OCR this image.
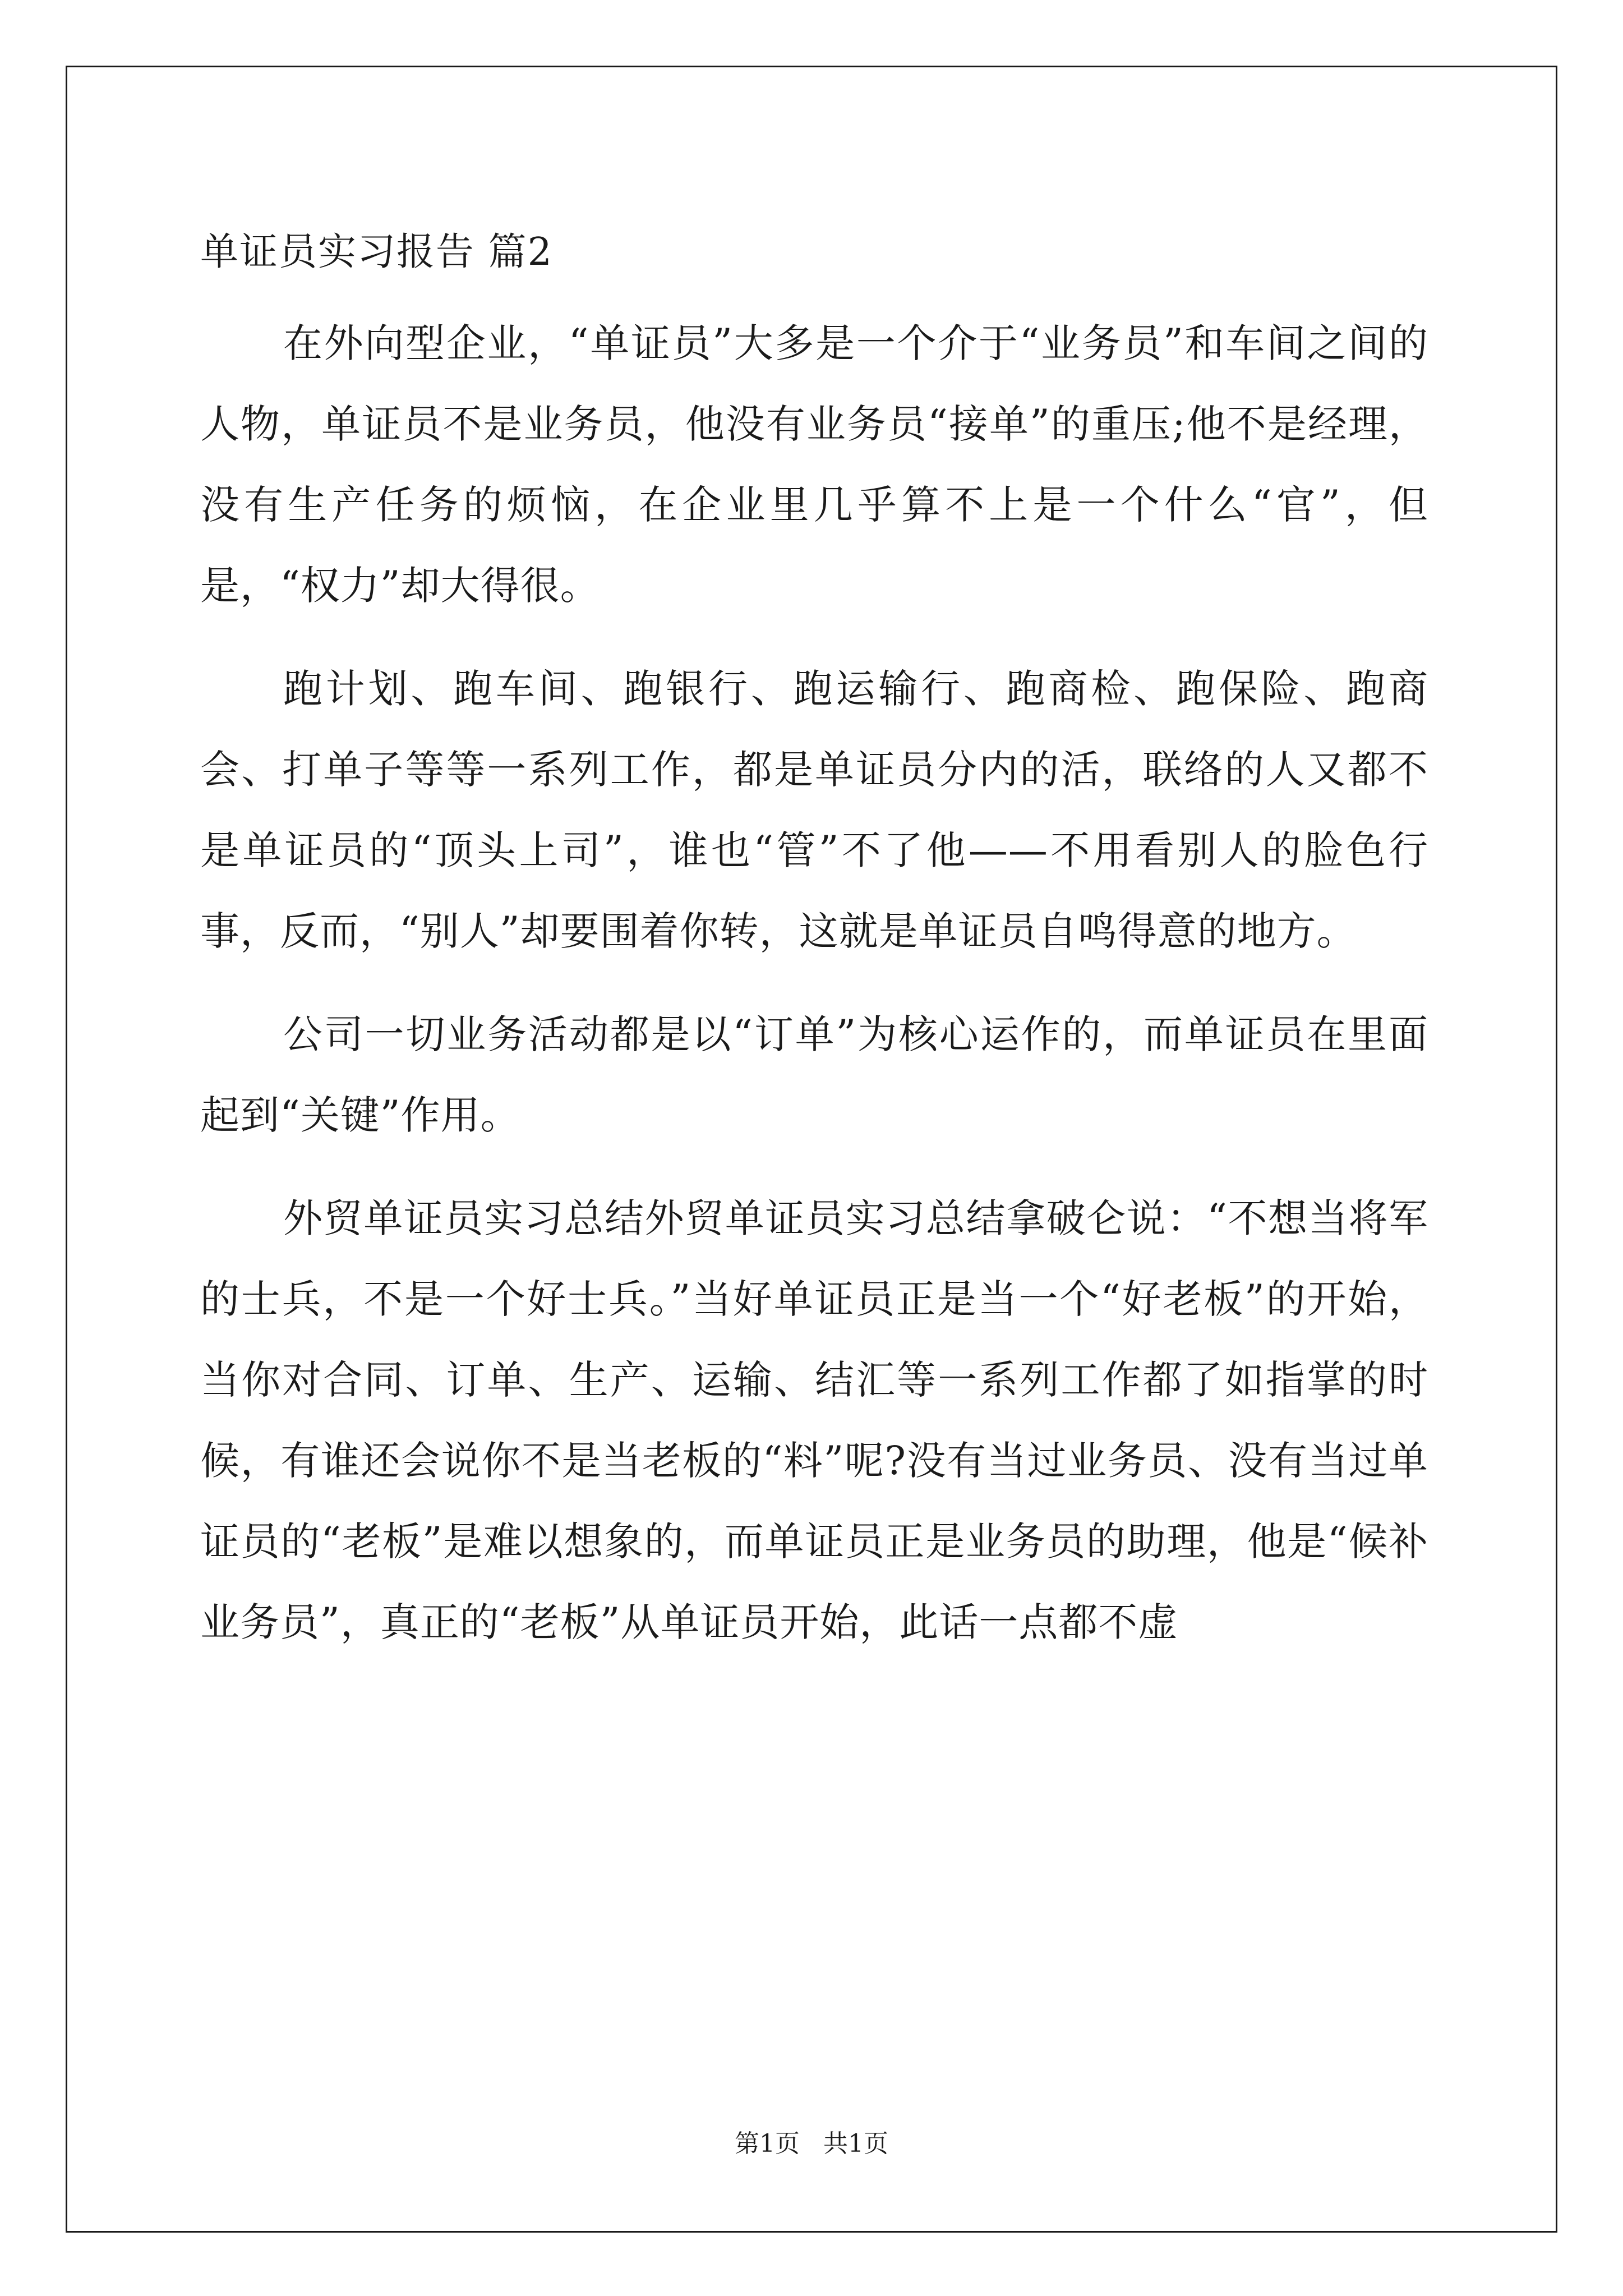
单证员实习报告 篇2

在外向型企业，“单证员”大多是一个介于“业务员”和车间之间的人物，单证员不是业务员，他没有业务员“接单”的重压;他不是经理，没有生产任务的烦恼，在企业里几乎算不上是一个什么“官”，但是，“权力”却大得很。

跑计划、跑车间、跑银行、跑运输行、跑商检、跑保险、跑商会、打单子等等一系列工作，都是单证员分内的活，联络的人又都不是单证员的“顶头上司”，谁也“管”不了他——不用看别人的脸色行事，反而，“别人”却要围着你转，这就是单证员自鸣得意的地方。

公司一切业务活动都是以“订单”为核心运作的，而单证员在里面起到“关键”作用。

外贸单证员实习总结外贸单证员实习总结拿破仑说：“不想当将军的士兵，不是一个好士兵。”当好单证员正是当一个“好老板”的开始，当你对合同、订单、生产、运输、结汇等一系列工作都了如指掌的时候，有谁还会说你不是当老板的“料”呢?没有当过业务员、没有当过单证员的“老板”是难以想象的，而单证员正是业务员的助理，他是“候补业务员”，真正的“老板”从单证员开始，此话一点都不虚

第1页   共1页
